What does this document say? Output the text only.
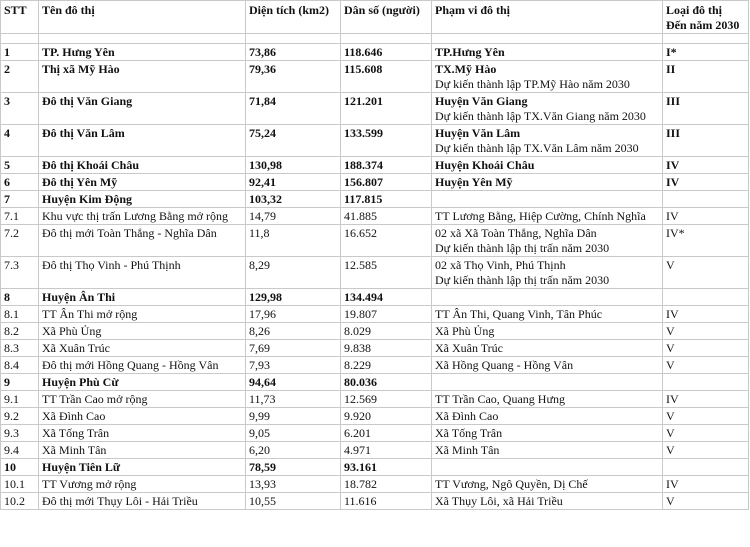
STT	Tên đô thị	Diện tích (km2)	Dân số (người)	Phạm vi đô thị	Loại đô thị
Đến năm 2030

1	TP. Hưng Yên	73,86	118.646	TP.Hưng Yên	I*
2	Thị xã Mỹ Hào	79,36	115.608	TX.Mỹ Hào
Dự kiến thành lập TP.Mỹ Hào năm 2030	II
3	Đô thị Văn Giang	71,84	121.201	Huyện Văn Giang
Dự kiến thành lập TX.Văn Giang năm 2030	III
4	Đô thị Văn Lâm	75,24	133.599	Huyện Văn Lâm
Dự kiến thành lập TX.Văn Lâm năm 2030	III
5	Đô thị Khoái Châu	130,98	188.374	Huyện Khoái Châu	IV
6	Đô thị Yên Mỹ	92,41	156.807	Huyện Yên Mỹ	IV
7	Huyện Kim Động	103,32	117.815		
7.1	Khu vực thị trấn Lương Bằng mở rộng	14,79	41.885	TT Lương Bằng, Hiệp Cường, Chính Nghĩa	IV
7.2	Đô thị mới Toàn Thắng - Nghĩa Dân	11,8	16.652	02 xã Xã Toàn Thắng, Nghĩa Dân
Dự kiến thành lập thị trấn năm 2030	IV*
7.3	Đô thị Thọ Vinh - Phú Thịnh	8,29	12.585	02 xã Thọ Vinh, Phú Thịnh
Dự kiến thành lập thị trấn năm 2030	V
8	Huyện Ân Thi	129,98	134.494		
8.1	TT Ân Thi mở rộng	17,96	19.807	TT Ân Thi, Quang Vinh, Tân Phúc	IV
8.2	Xã Phù Ủng	8,26	8.029	Xã Phù Ủng	V
8.3	Xã Xuân Trúc	7,69	9.838	Xã Xuân Trúc	V
8.4	Đô thị mới Hồng Quang - Hồng Vân	7,93	8.229	Xã Hồng Quang - Hồng Vân	V
9	Huyện Phù Cừ	94,64	80.036		
9.1	TT Trần Cao mở rộng	11,73	12.569	TT Trần Cao, Quang Hưng	IV
9.2	Xã Đình Cao	9,99	9.920	Xã Đình Cao	V
9.3	Xã Tống Trân	9,05	6.201	Xã Tống Trân	V
9.4	Xã Minh Tân	6,20	4.971	Xã Minh Tân	V
10	Huyện Tiên Lữ	78,59	93.161		
10.1	TT Vương mở rộng	13,93	18.782	TT Vương, Ngô Quyền, Dị Chế	IV
10.2	Đô thị mới Thụy Lôi - Hải Triều	10,55	11.616	Xã Thụy Lôi, xã Hải Triều	V
